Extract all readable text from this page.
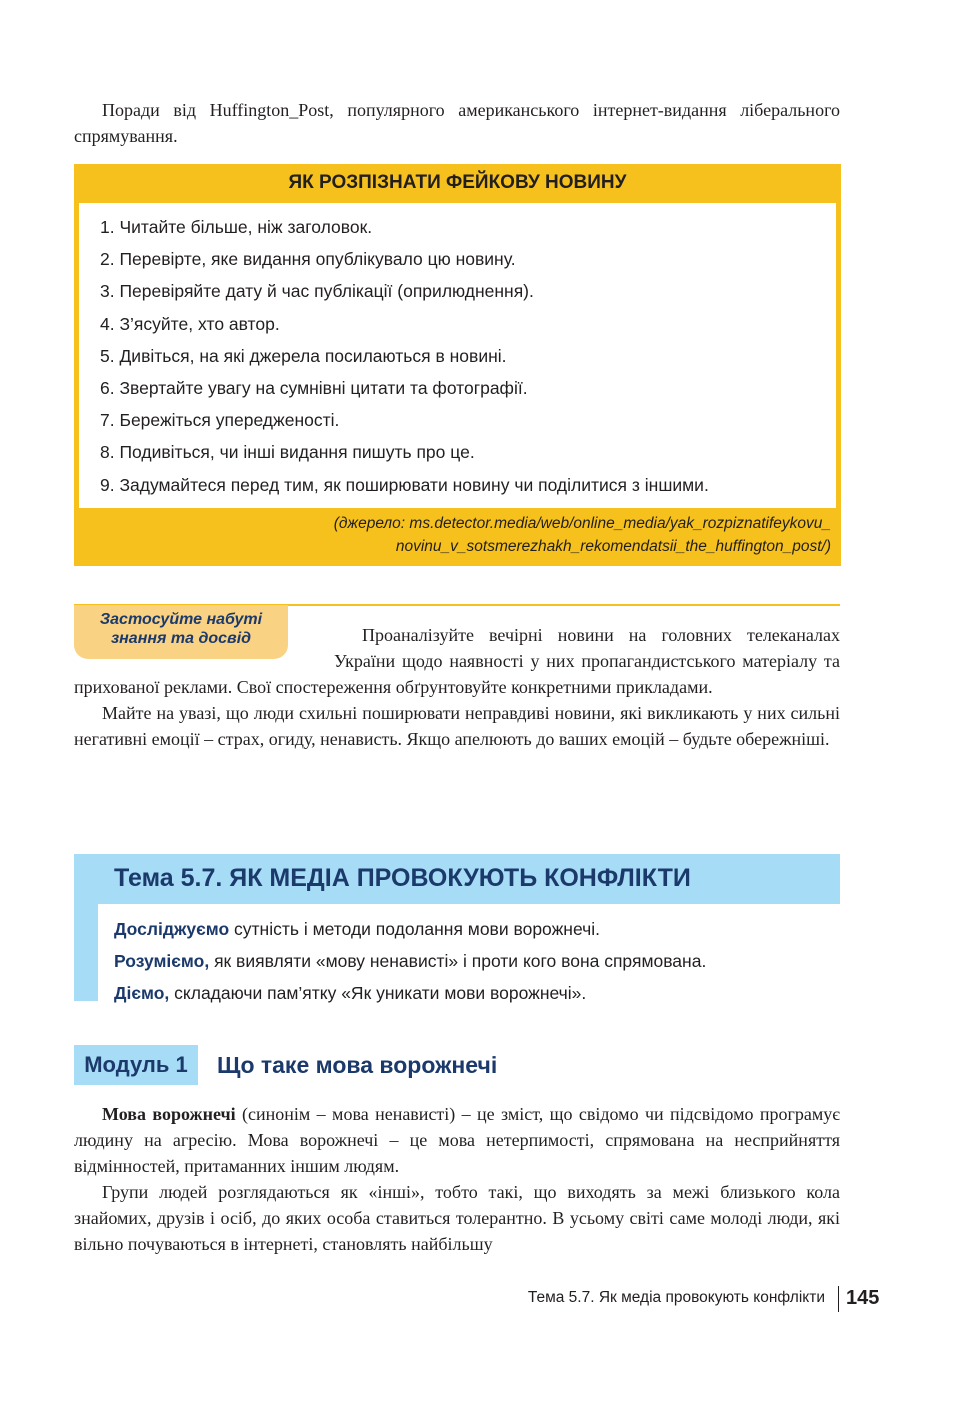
Поради від Huffington_Post, популярного американського інтернет-видання ліберального спрямування.

ЯК РОЗПІЗНАТИ ФЕЙКОВУ НОВИНУ
1. Читайте більше, ніж заголовок.
2. Перевірте, яке видання опублікувало цю новину.
3. Перевіряйте дату й час публікації (оприлюднення).
4. З’ясуйте, хто автор.
5. Дивіться, на які джерела посилаються в новині.
6. Звертайте увагу на сумнівні цитати та фотографії.
7. Бережіться упередженості.
8. Подивіться, чи інші видання пишуть про це.
9. Задумайтеся перед тим, як поширювати новину чи поділитися з іншими.
(джерело: ms.detector.media/web/online_media/yak_rozpiznatifeykovu_
novinu_v_sotsmerezhakh_rekomendatsii_the_huffington_post/)
Застосуйте набуті
знання та досвід	Проаналізуйте вечірні новини на головних телеканалах України щодо наявності у них пропагандистського матеріалу та прихованої реклами. Свої спостереження обґрунтовуйте конкретними прикладами.

Майте на увазі, що люди схильні поширювати неправдиві новини, які викликають у них сильні негативні емоції – страх, огиду, ненависть. Якщо апелюють до ваших емоцій – будьте обережніші.

Тема 5.7. ЯК МЕДІА ПРОВОКУЮТЬ КОНФЛІКТИ
Досліджуємо сутність і методи подолання мови ворожнечі.
Розуміємо, як виявляти «мову ненависті» і проти кого вона спрямована.
Діємо, складаючи пам’ятку «Як уникати мови ворожнечі».
Модуль 1	Що таке мова ворожнечі

Мова ворожнечі (синонім – мова ненависті) – це зміст, що свідомо чи підсвідомо програмує людину на агресію. Мова ворожнечі – це мова нетерпимості, спрямована на несприйняття відмінностей, притаманних іншим людям.

Групи людей розглядаються як «інші», тобто такі, що виходять за межі близького кола знайомих, друзів і осіб, до яких особа ставиться толерантно. В усьому світі саме молоді люди, які вільно почуваються в інтернеті, становлять найбільшу

Тема 5.7. Як медіа провокують конфлікти 145
